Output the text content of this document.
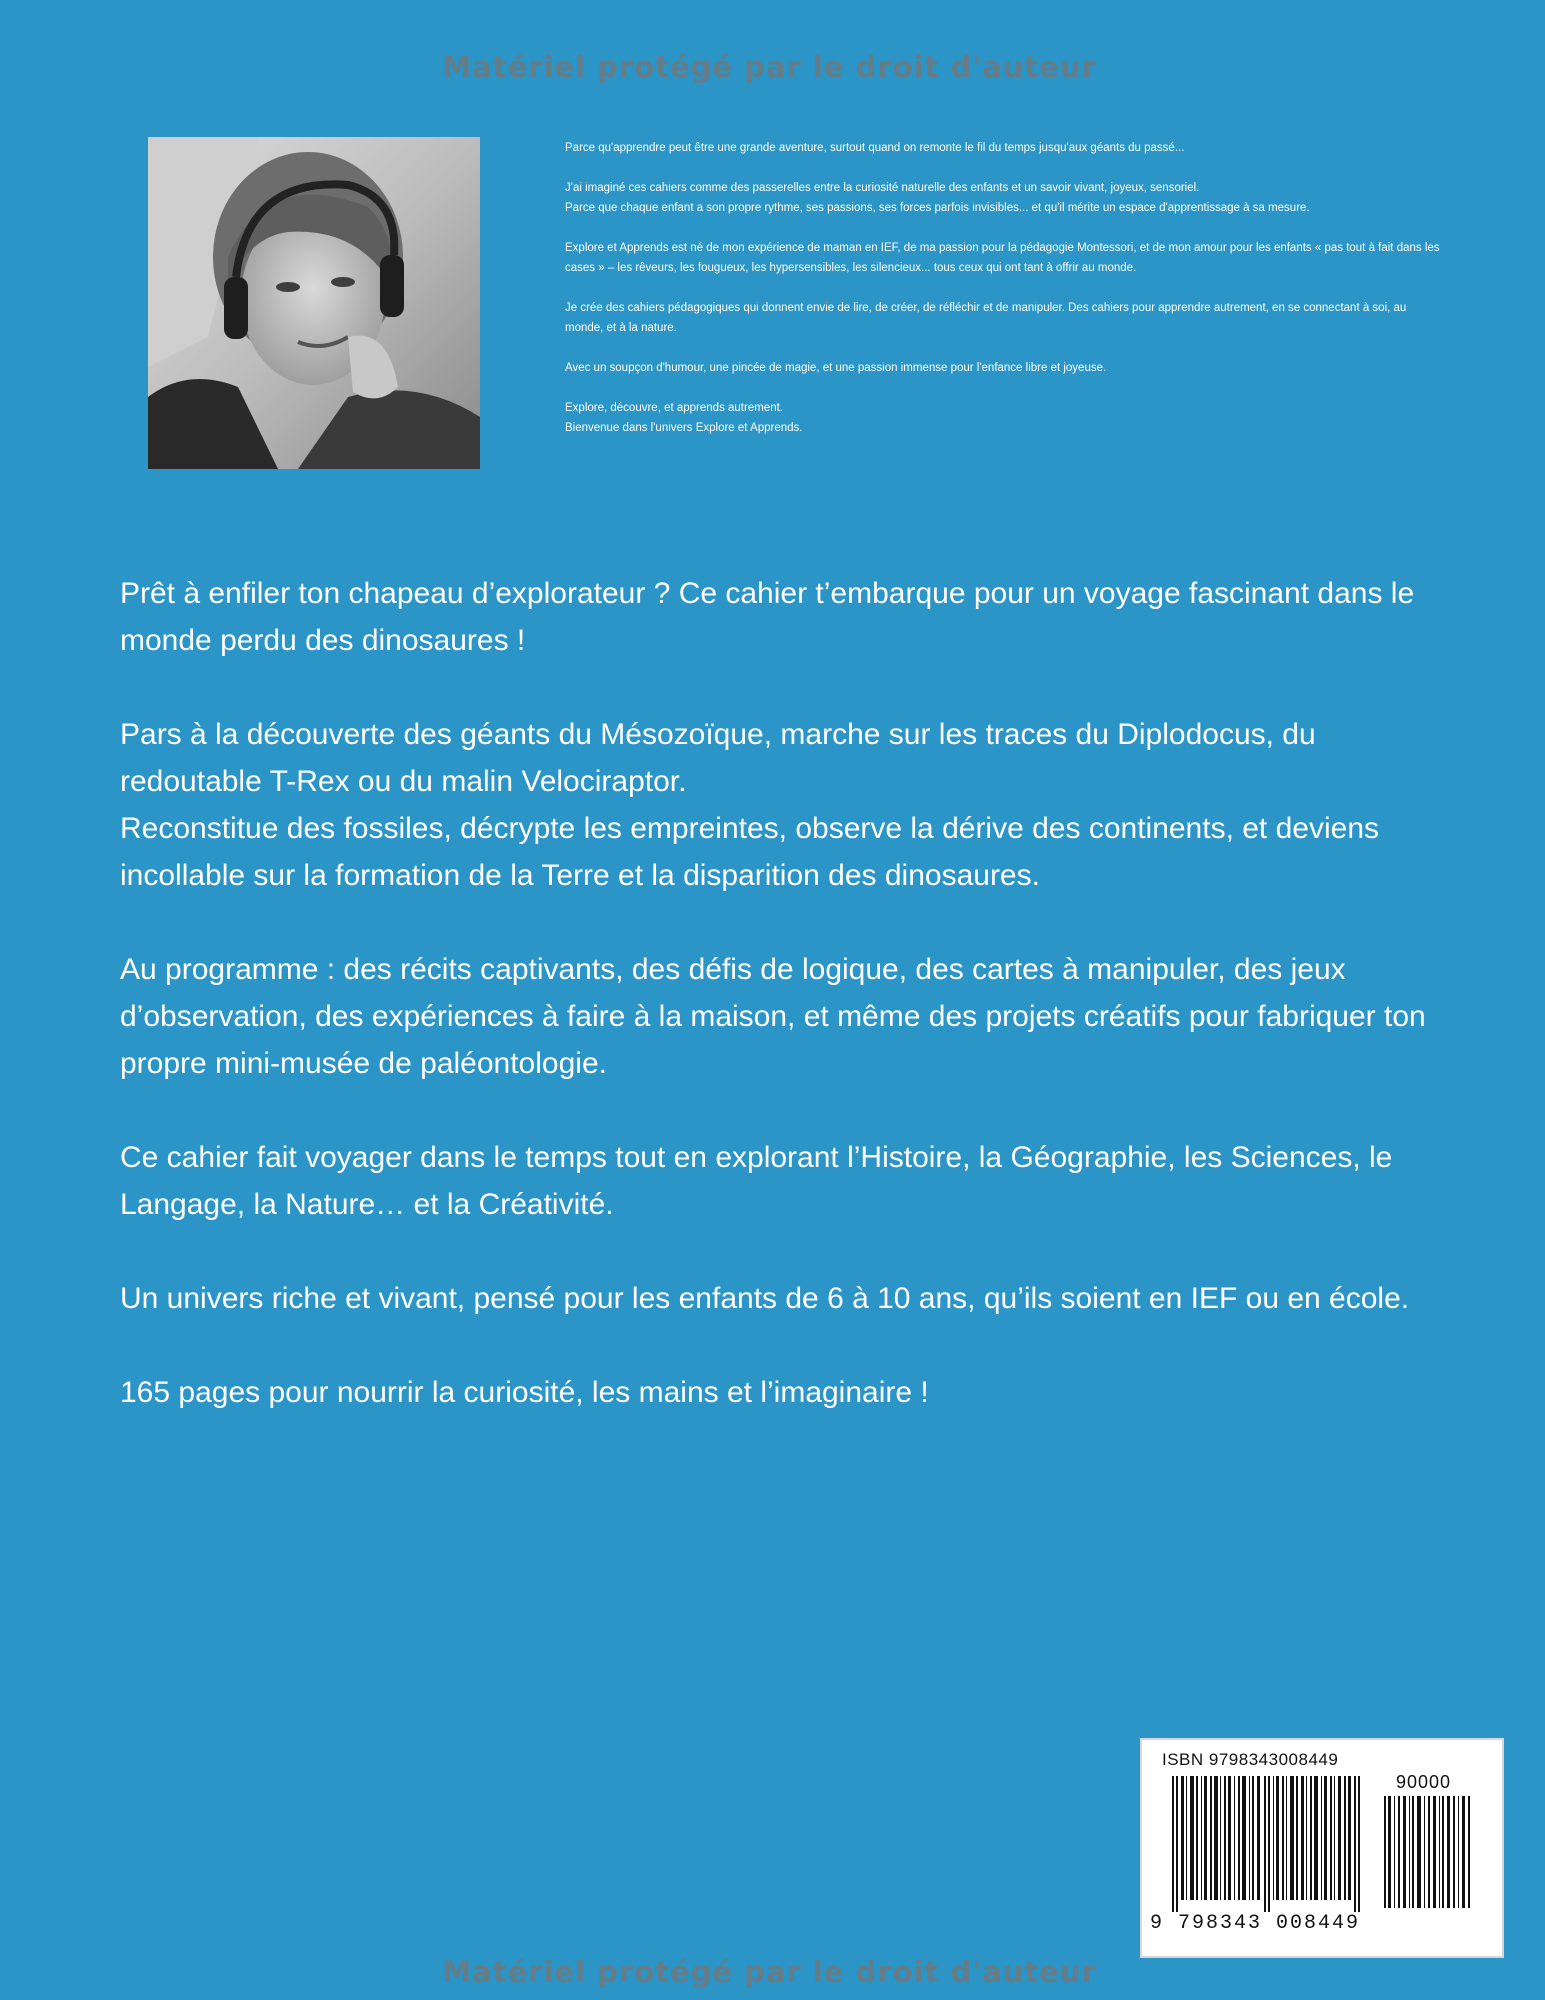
Matériel protégé par le droit d'auteur

Parce qu'apprendre peut être une grande aventure, surtout quand on remonte le fil du temps jusqu'aux géants du passé...

J'ai imaginé ces cahiers comme des passerelles entre la curiosité naturelle des enfants et un savoir vivant, joyeux, sensoriel.

Parce que chaque enfant a son propre rythme, ses passions, ses forces parfois invisibles... et qu'il mérite un espace d'apprentissage à sa mesure.

Explore et Apprends est né de mon expérience de maman en IEF, de ma passion pour la pédagogie Montessori, et de mon amour pour les enfants « pas tout à fait dans les cases » – les rêveurs, les fougueux, les hypersensibles, les silencieux... tous ceux qui ont tant à offrir au monde.

Je crée des cahiers pédagogiques qui donnent envie de lire, de créer, de réfléchir et de manipuler. Des cahiers pour apprendre autrement, en se connectant à soi, au monde, et à la nature.

Avec un soupçon d'humour, une pincée de magie, et une passion immense pour l'enfance libre et joyeuse.

Explore, découvre, et apprends autrement.

Bienvenue dans l'univers Explore et Apprends.

Prêt à enfiler ton chapeau d’explorateur ? Ce cahier t’embarque pour un voyage fascinant dans le monde perdu des dinosaures !

Pars à la découverte des géants du Mésozoïque, marche sur les traces du Diplodocus, du redoutable T-Rex ou du malin Velociraptor.

Reconstitue des fossiles, décrypte les empreintes, observe la dérive des continents, et deviens incollable sur la formation de la Terre et la disparition des dinosaures.

Au programme : des récits captivants, des défis de logique, des cartes à manipuler, des jeux d’observation, des expériences à faire à la maison, et même des projets créatifs pour fabriquer ton propre mini-musée de paléontologie.

Ce cahier fait voyager dans le temps tout en explorant l’Histoire, la Géographie, les Sciences, le Langage, la Nature… et la Créativité.

Un univers riche et vivant, pensé pour les enfants de 6 à 10 ans, qu’ils soient en IEF ou en école.

165 pages pour nourrir la curiosité, les mains et l’imaginaire !

ISBN 9798343008449
90000
9 798343 008449
Matériel protégé par le droit d'auteur
